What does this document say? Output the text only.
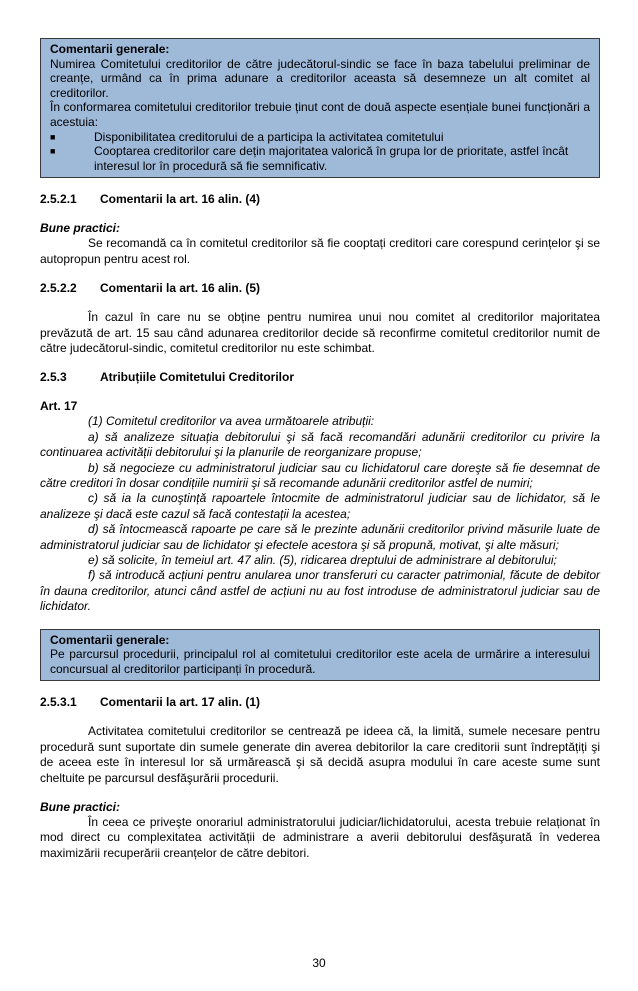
Comentarii generale:

Numirea Comitetului creditorilor de către judecătorul-sindic se face în baza tabelului preliminar de creanțe, urmând ca în prima adunare a creditorilor aceasta să desemneze un alt comitet al creditorilor.

În conformarea comitetului creditorilor trebuie ținut cont de două aspecte esențiale bunei funcționări a acestuia:

■	Disponibilitatea creditorului de a participa la activitatea comitetului
■	Cooptarea creditorilor care dețin majoritatea valorică în grupa lor de prioritate, astfel încât interesul lor în procedură să fie semnificativ.

2.5.2.1 Comentarii la art. 16 alin. (4)

Bune practici:

Se recomandă ca în comitetul creditorilor să fie cooptați creditori care corespund cerințelor şi se autopropun pentru acest rol.

2.5.2.2 Comentarii la art. 16 alin. (5)

În cazul în care nu se obține pentru numirea unui nou comitet al creditorilor majoritatea prevăzută de art. 15 sau când adunarea creditorilor decide să reconfirme comitetul creditorilor numit de către judecătorul-sindic, comitetul creditorilor nu este schimbat.

2.5.3	Atribuțiile Comitetului Creditorilor

Art. 17

(1) Comitetul creditorilor va avea următoarele atribuții:

a) să analizeze situația debitorului şi să facă recomandări adunării creditorilor cu privire la continuarea activității debitorului şi la planurile de reorganizare propuse;

b) să negocieze cu administratorul judiciar sau cu lichidatorul care doreşte să fie desemnat de către creditori în dosar condițiile numirii şi să recomande adunării creditorilor astfel de numiri;

c) să ia la cunoştință rapoartele întocmite de administratorul judiciar sau de lichidator, să le analizeze şi dacă este cazul să facă contestații la acestea;

d) să întocmească rapoarte pe care să le prezinte adunării creditorilor privind măsurile luate de administratorul judiciar sau de lichidator şi efectele acestora şi să propună, motivat, şi alte măsuri;

e) să solicite, în temeiul art. 47 alin. (5), ridicarea dreptului de administrare al debitorului;

f) să introducă acțiuni pentru anularea unor transferuri cu caracter patrimonial, făcute de debitor în dauna creditorilor, atunci când astfel de acțiuni nu au fost introduse de administratorul judiciar sau de lichidator.

Comentarii generale:

Pe parcursul procedurii, principalul rol al comitetului creditorilor este acela de urmărire a interesului concursual al creditorilor participanți în procedură.

2.5.3.1 Comentarii la art. 17 alin. (1)

Activitatea comitetului creditorilor se centrează pe ideea că, la limită, sumele necesare pentru procedură sunt suportate din sumele generate din averea debitorilor la care creditorii sunt îndreptățiți şi de aceea este în interesul lor să urmărească şi să decidă asupra modului în care aceste sume sunt cheltuite pe parcursul desfăşurării procedurii.

Bune practici:

În ceea ce priveşte onorariul administratorului judiciar/lichidatorului, acesta trebuie relaționat în mod direct cu complexitatea activității de administrare a averii debitorului desfăşurată în vederea maximizării recuperării creanțelor de către debitori.

30
